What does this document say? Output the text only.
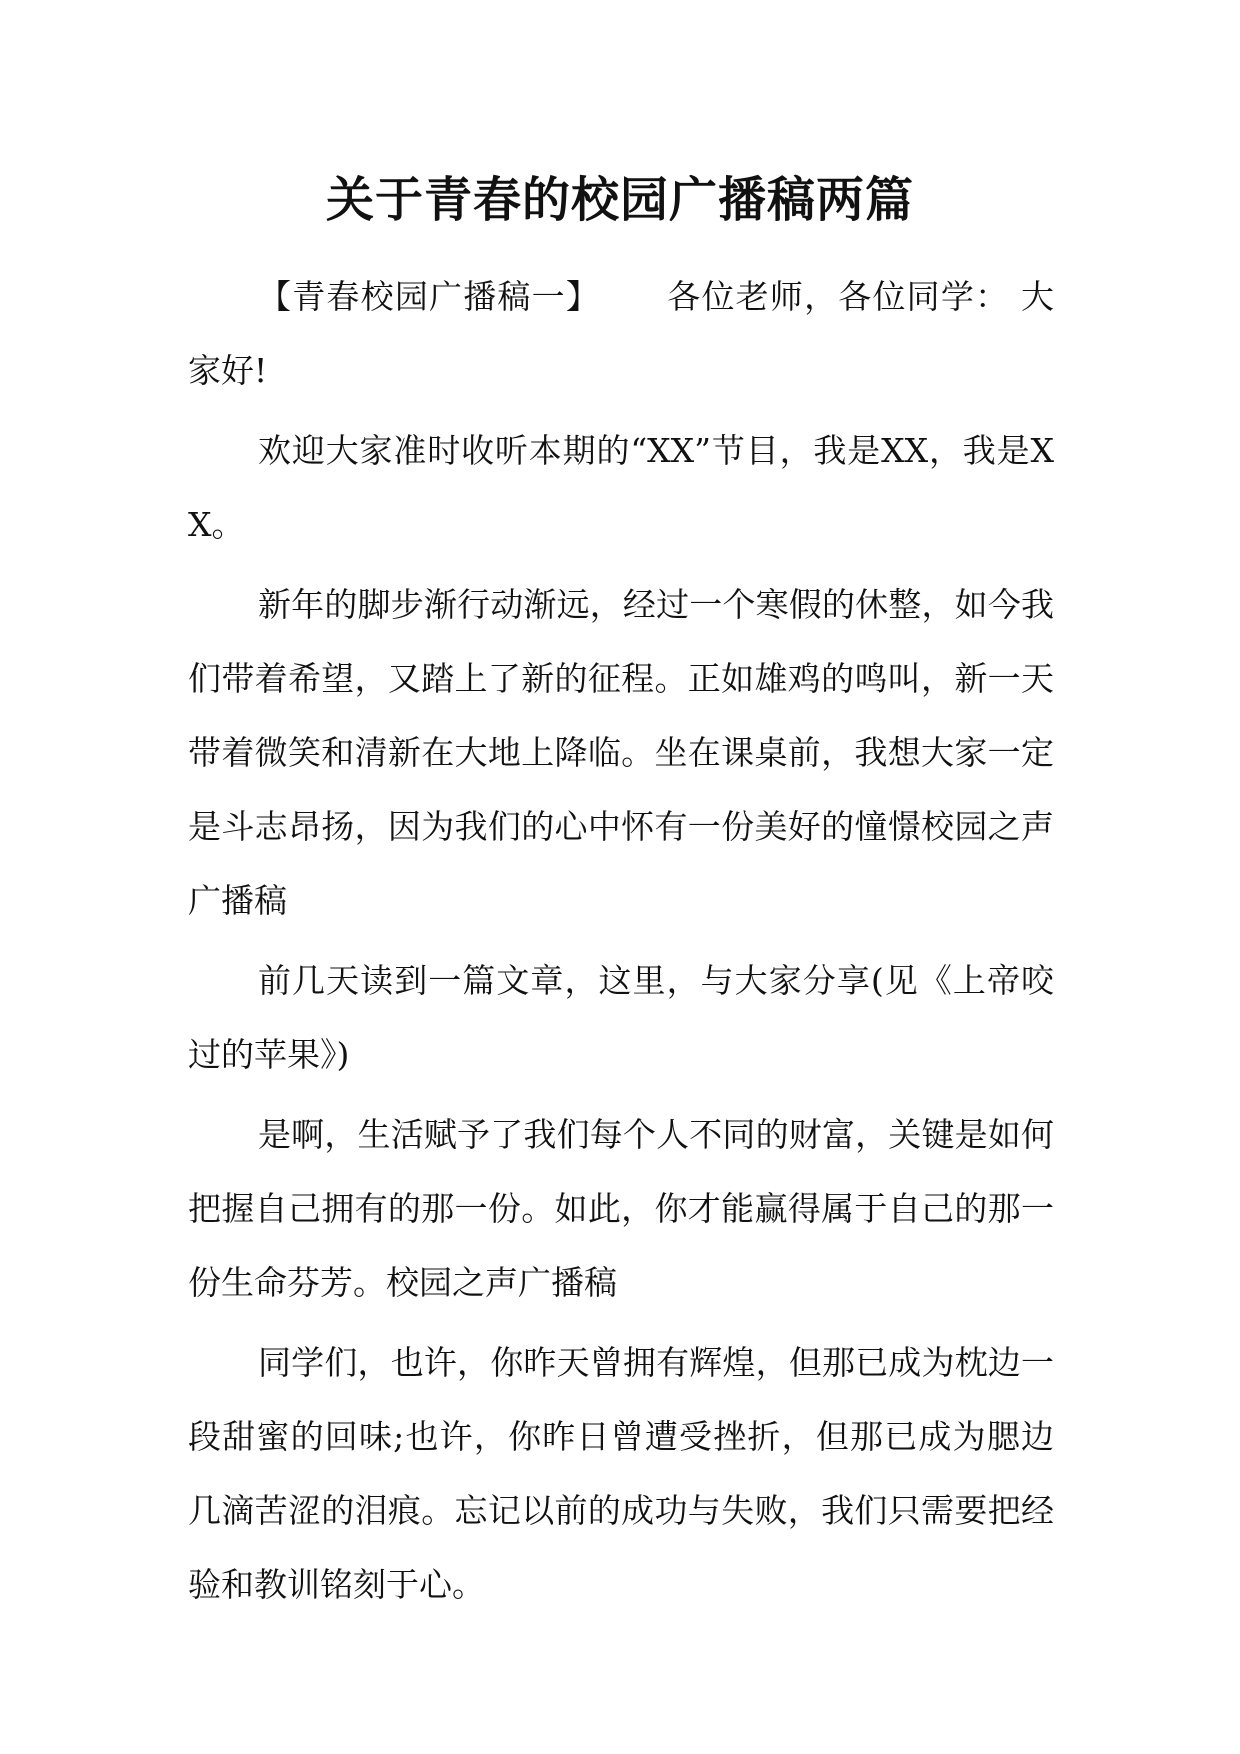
关于青春的校园广播稿两篇

【青春校园广播稿一】 各位老师，各位同学： 大家好!

欢迎大家准时收听本期的“XX”节目，我是XX，我是XX。

新年的脚步渐行动渐远，经过一个寒假的休整，如今我们带着希望，又踏上了新的征程。正如雄鸡的鸣叫，新一天带着微笑和清新在大地上降临。坐在课桌前，我想大家一定是斗志昂扬，因为我们的心中怀有一份美好的憧憬校园之声广播稿

前几天读到一篇文章，这里，与大家分享(见《上帝咬过的苹果》)

是啊，生活赋予了我们每个人不同的财富，关键是如何把握自己拥有的那一份。如此，你才能赢得属于自己的那一份生命芬芳。校园之声广播稿

同学们，也许，你昨天曾拥有辉煌，但那已成为枕边一段甜蜜的回味;也许，你昨日曾遭受挫折，但那已成为腮边几滴苦涩的泪痕。忘记以前的成功与失败，我们只需要把经验和教训铭刻于心。
